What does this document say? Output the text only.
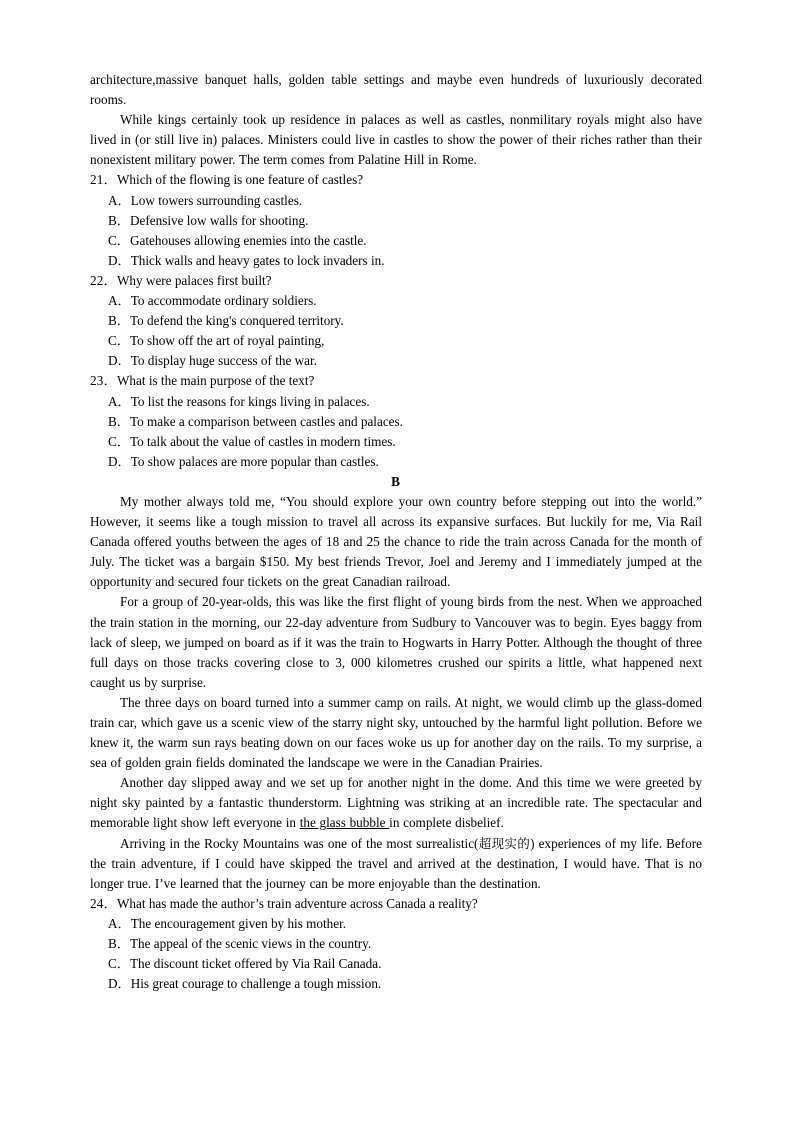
architecture,massive banquet halls, golden table settings and maybe even hundreds of luxuriously decorated rooms.

While kings certainly took up residence in palaces as well as castles, nonmilitary royals might also have lived in (or still live in) palaces. Ministers could live in castles to show the power of their riches rather than their nonexistent military power. The term comes from Palatine Hill in Rome.

21．Which of the flowing is one feature of castles?

A．Low towers surrounding castles.

B．Defensive low walls for shooting.

C．Gatehouses allowing enemies into the castle.

D．Thick walls and heavy gates to lock invaders in.

22．Why were palaces first built?

A．To accommodate ordinary soldiers.

B．To defend the king's conquered territory.

C．To show off the art of royal painting,

D．To display huge success of the war.

23．What is the main purpose of the text?

A．To list the reasons for kings living in palaces.

B．To make a comparison between castles and palaces.

C．To talk about the value of castles in modern times.

D．To show palaces are more popular than castles.

B

My mother always told me, “You should explore your own country before stepping out into the world.” However, it seems like a tough mission to travel all across its expansive surfaces. But luckily for me, Via Rail Canada offered youths between the ages of 18 and 25 the chance to ride the train across Canada for the month of July. The ticket was a bargain $150. My best friends Trevor, Joel and Jeremy and I immediately jumped at the opportunity and secured four tickets on the great Canadian railroad.

For a group of 20-year-olds, this was like the first flight of young birds from the nest. When we approached the train station in the morning, our 22-day adventure from Sudbury to Vancouver was to begin. Eyes baggy from lack of sleep, we jumped on board as if it was the train to Hogwarts in Harry Potter. Although the thought of three full days on those tracks covering close to 3, 000 kilometres crushed our spirits a little, what happened next caught us by surprise.

The three days on board turned into a summer camp on rails. At night, we would climb up the glass-domed train car, which gave us a scenic view of the starry night sky, untouched by the harmful light pollution. Before we knew it, the warm sun rays beating down on our faces woke us up for another day on the rails. To my surprise, a sea of golden grain fields dominated the landscape we were in the Canadian Prairies.

Another day slipped away and we set up for another night in the dome. And this time we were greeted by night sky painted by a fantastic thunderstorm. Lightning was striking at an incredible rate. The spectacular and memorable light show left everyone in the glass bubble in complete disbelief.

Arriving in the Rocky Mountains was one of the most surrealistic(超现实的) experiences of my life. Before the train adventure, if I could have skipped the travel and arrived at the destination, I would have. That is no longer true. I’ve learned that the journey can be more enjoyable than the destination.

24．What has made the author’s train adventure across Canada a reality?

A．The encouragement given by his mother.

B．The appeal of the scenic views in the country.

C．The discount ticket offered by Via Rail Canada.

D．His great courage to challenge a tough mission.
